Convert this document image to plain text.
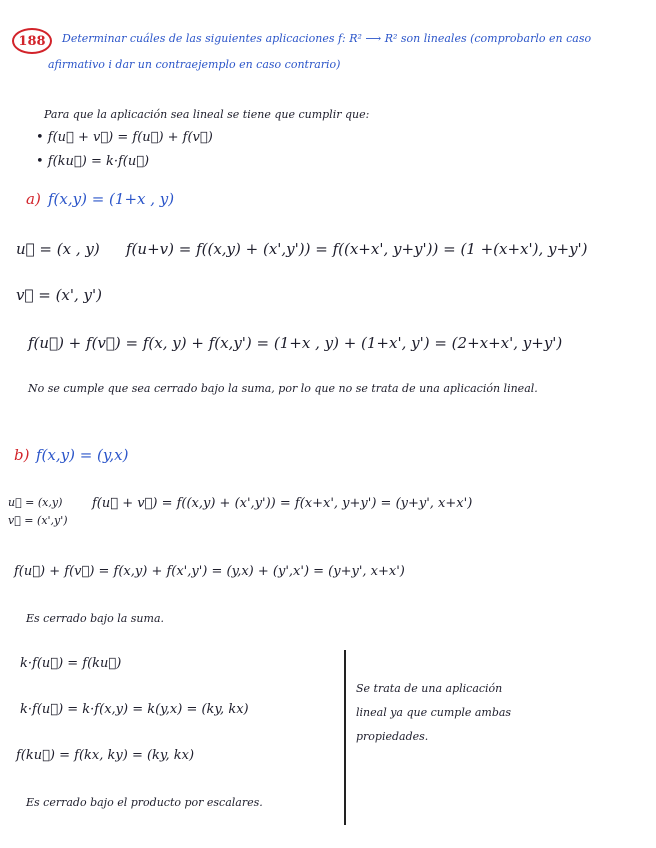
188 Determinar cuáles de las siguientes aplicaciones f: R² ⟶ R² son lineales (comprobarlo en caso
afirmativo i dar un contraejemplo en caso contrario)
Para que la aplicación sea lineal se tiene que cumplir que:
• f(u⃗ + v⃗) = f(u⃗) + f(v⃗)
• f(ku⃗) = k·f(u⃗)
a) f(x,y) = (1+x , y)
u⃗ = (x , y) f(u+v) = f((x,y) + (x',y')) = f((x+x', y+y')) = (1 +(x+x'), y+y')
v⃗ = (x', y')
f(u⃗) + f(v⃗) = f(x, y) + f(x,y') = (1+x , y) + (1+x', y') = (2+x+x', y+y')
No se cumple que sea cerrado bajo la suma, por lo que no se trata de una aplicación lineal.
b) f(x,y) = (y,x)
u⃗ = (x,y)
v⃗ = (x',y')
f(u⃗ + v⃗) = f((x,y) + (x',y')) = f(x+x', y+y') = (y+y', x+x')
f(u⃗) + f(v⃗) = f(x,y) + f(x',y') = (y,x) + (y',x') = (y+y', x+x')
Es cerrado bajo la suma.
k·f(u⃗) = f(ku⃗)
k·f(u⃗) = k·f(x,y) = k(y,x) = (ky, kx)
f(ku⃗) = f(kx, ky) = (ky, kx)
Es cerrado bajo el producto por escalares.
Se trata de una aplicación
lineal ya que cumple ambas
propiedades.
